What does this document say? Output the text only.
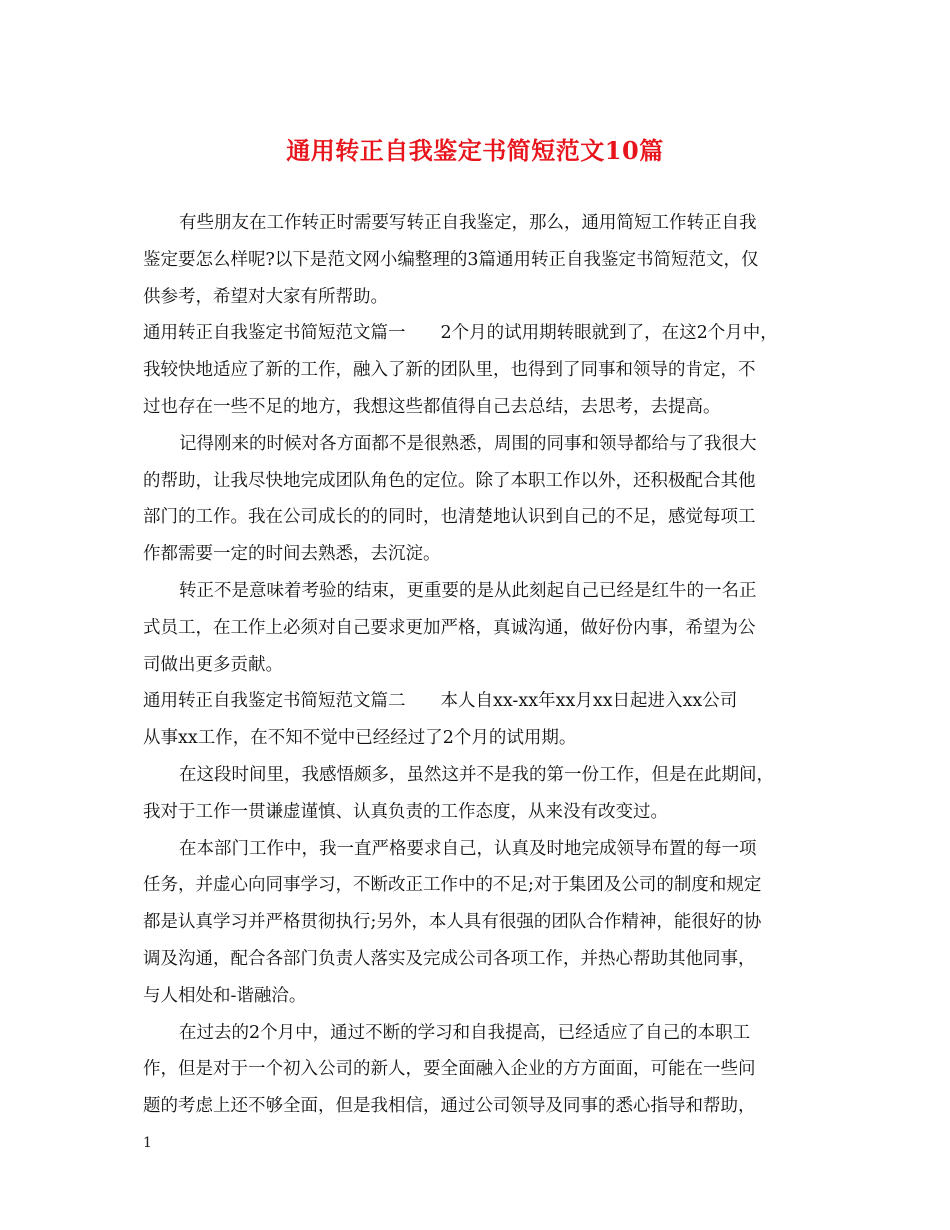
通用转正自我鉴定书简短范文10篇
有些朋友在工作转正时需要写转正自我鉴定，那么，通用简短工作转正自我
鉴定要怎么样呢?以下是范文网小编整理的3篇通用转正自我鉴定书简短范文，仅
供参考，希望对大家有所帮助。
通用转正自我鉴定书简短范文篇一　　2个月的试用期转眼就到了，在这2个月中，
我较快地适应了新的工作，融入了新的团队里，也得到了同事和领导的肯定，不
过也存在一些不足的地方，我想这些都值得自己去总结，去思考，去提高。
记得刚来的时候对各方面都不是很熟悉，周围的同事和领导都给与了我很大
的帮助，让我尽快地完成团队角色的定位。除了本职工作以外，还积极配合其他
部门的工作。我在公司成长的的同时，也清楚地认识到自己的不足，感觉每项工
作都需要一定的时间去熟悉，去沉淀。
转正不是意味着考验的结束，更重要的是从此刻起自己已经是红牛的一名正
式员工，在工作上必须对自己要求更加严格，真诚沟通，做好份内事，希望为公
司做出更多贡献。
通用转正自我鉴定书简短范文篇二　　本人自xx-xx年xx月xx日起进入xx公司
从事xx工作，在不知不觉中已经经过了2个月的试用期。
在这段时间里，我感悟颇多，虽然这并不是我的第一份工作，但是在此期间，
我对于工作一贯谦虚谨慎、认真负责的工作态度，从来没有改变过。
在本部门工作中，我一直严格要求自己，认真及时地完成领导布置的每一项
任务，并虚心向同事学习，不断改正工作中的不足;对于集团及公司的制度和规定
都是认真学习并严格贯彻执行;另外，本人具有很强的团队合作精神，能很好的协
调及沟通，配合各部门负责人落实及完成公司各项工作，并热心帮助其他同事，
与人相处和-谐融洽。
在过去的2个月中，通过不断的学习和自我提高，已经适应了自己的本职工
作，但是对于一个初入公司的新人，要全面融入企业的方方面面，可能在一些问
题的考虑上还不够全面，但是我相信，通过公司领导及同事的悉心指导和帮助，
1
